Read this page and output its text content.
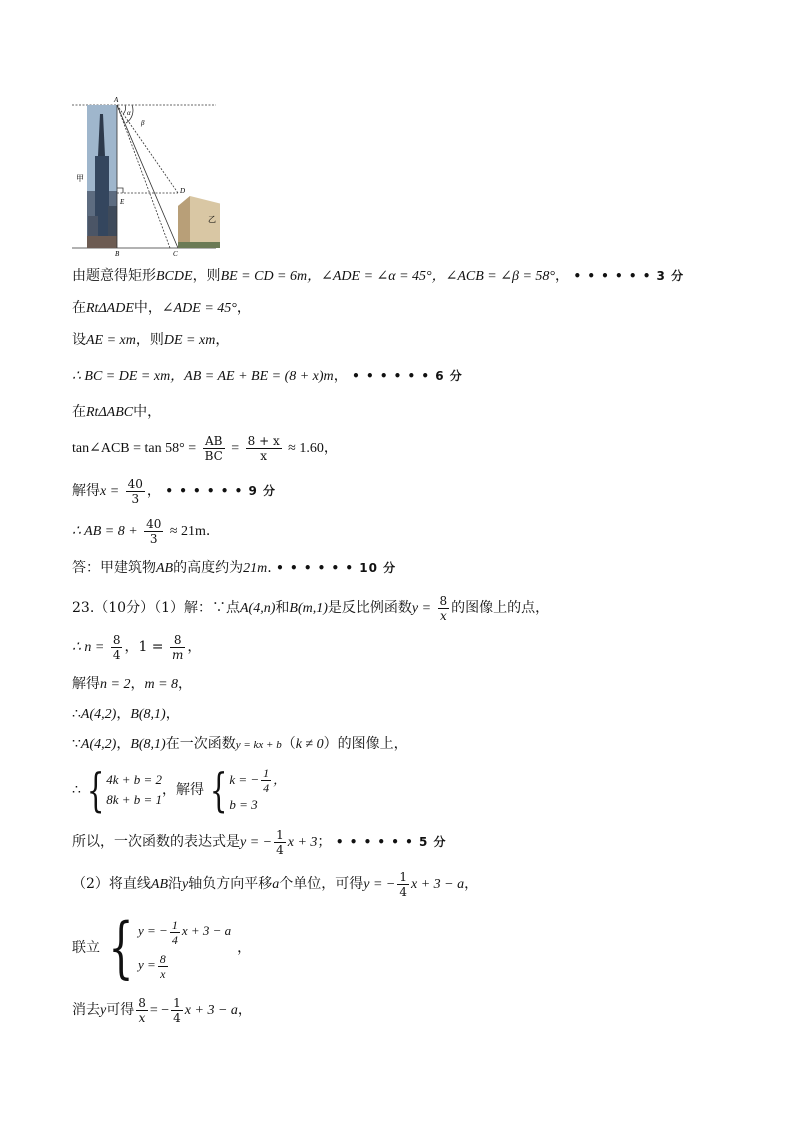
A
α
β
甲
D
E
B	C
乙
由题意得矩形BCDE，则BE = CD = 6m，∠ADE = ∠α = 45°，∠ACB = ∠β = 58°， • • • • • • 3 分
在RtΔADE中，∠ADE = 45°，
设AE = xm，则DE = xm，
∴ BC = DE = xm，AB = AE + BE = (8 + x)m， • • • • • • 6 分
在RtΔABC中，
tan∠ACB = $\tan 58^\circ = \frac{AB}{BC} = \frac{8 + x}{x} \approx 1.60$，
解得$x = \frac{40}{3}$ ， • • • • • • 9 分
∴ AB = $8 + \frac{40}{3} \approx 21m$.
答：甲建筑物AB的高度约为21m. • • • • • • 10 分
23.（10分）（1）解：∵点A(4,n)和B(m,1)是反比例函数$y = \frac{8}{x}$ 的图像上的点，
∴ $n = \frac{8}{4}$ ，$1 = \frac{8}{m}$ ，
解得n = 2，m = 8，
∴A(4,2)，B(8,1)，
∵A(4,2)，B(8,1)在一次函数y = kx + b（k ≠ 0）的图像上，
∴ { 4k + b = 2
8k + b = 1
，解得 { k = − $\frac{1}{4}$ ，
b = 3
所以，一次函数的表达式是y = − $\frac{1}{4}$ x + 3； • • • • • • 5 分
（2）将直线AB沿y轴负方向平移a个单位，可得y = − $\frac{1}{4}$ x + 3 − a，
联立 { y = − $\frac{1}{4}$ x + 3 − a
$y = \frac{8}{x}$
，
消去y可得 $\frac{8}{x}$ = − $\frac{1}{4}$ x + 3 − a，
